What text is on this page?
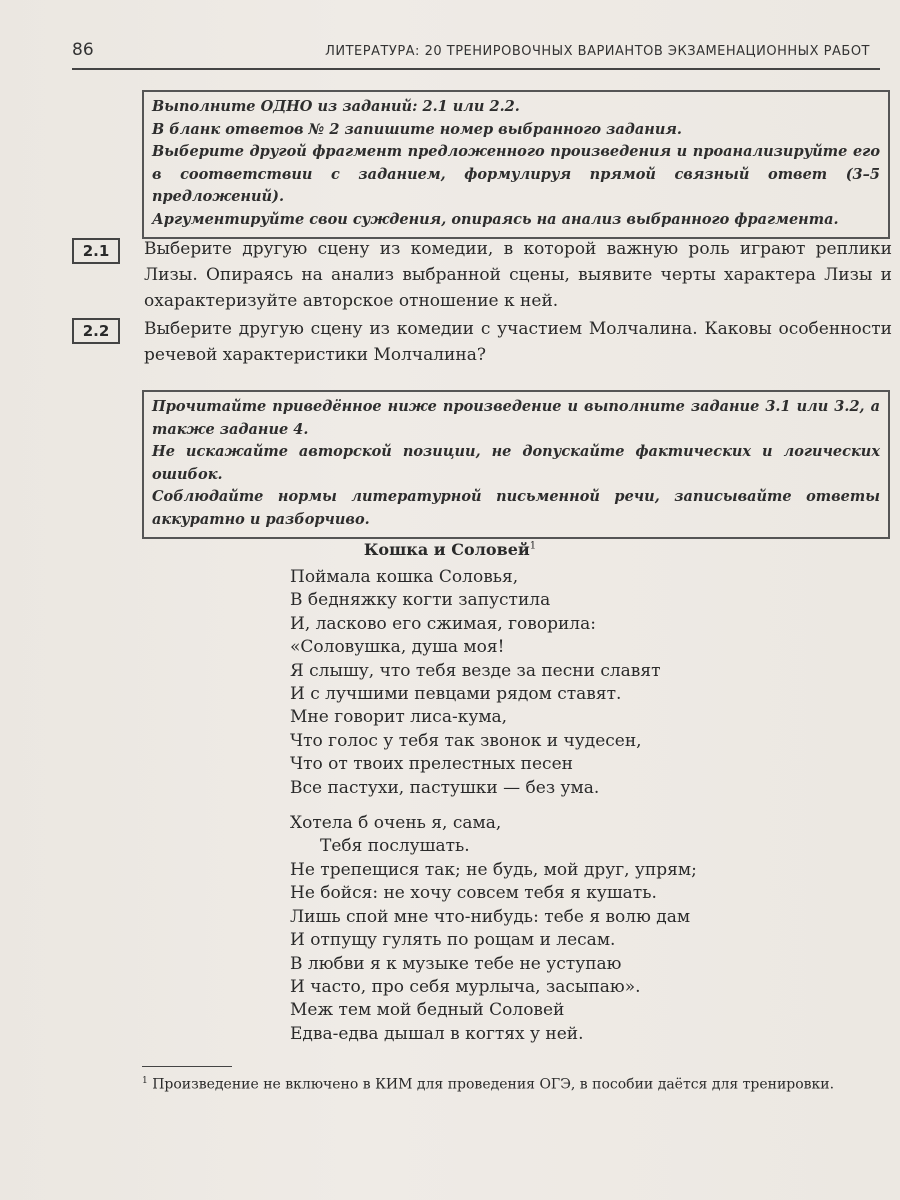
86	ЛИТЕРАТУРА: 20 ТРЕНИРОВОЧНЫХ ВАРИАНТОВ ЭКЗАМЕНАЦИОННЫХ РАБОТ

Выполните ОДНО из заданий: 2.1 или 2.2.

В бланк ответов № 2 запишите номер выбранного задания.

Выберите другой фрагмент предложенного произведения и проанализируйте его в соответствии с заданием, формулируя прямой связный ответ (3–5 предложений).

Аргументируйте свои суждения, опираясь на анализ выбранного фрагмента.

2.1	Выберите другую сцену из комедии, в которой важную роль играют реплики Лизы. Опираясь на анализ выбранной сцены, выявите черты характера Лизы и охарактеризуйте авторское отношение к ней.
2.2	Выберите другую сцену из комедии с участием Молчалина. Каковы особенности речевой характеристики Молчалина?

Прочитайте приведённое ниже произведение и выполните задание 3.1 или 3.2, а также задание 4.

Не искажайте авторской позиции, не допускайте фактических и логических ошибок.

Соблюдайте нормы литературной письменной речи, записывайте ответы аккуратно и разборчиво.

Кошка и Соловей$^1$
Поймала кошка Соловья,
В бедняжку когти запустила
И, ласково его сжимая, говорила:
«Соловушка, душа моя!
Я слышу, что тебя везде за песни славят
И с лучшими певцами рядом ставят.
Мне говорит лиса-кума,
Что голос у тебя так звонок и чудесен,
Что от твоих прелестных песен
Все пастухи, пастушки — без ума.
Хотела б очень я, сама,
Тебя послушать.
Не трепещися так; не будь, мой друг, упрям;
Не бойся: не хочу совсем тебя я кушать.
Лишь спой мне что-нибудь: тебе я волю дам
И отпущу гулять по рощам и лесам.
В любви я к музыке тебе не уступаю
И часто, про себя мурлыча, засыпаю».
Меж тем мой бедный Соловей
Едва-едва дышал в когтях у ней.
$^1$ Произведение не включено в КИМ для проведения ОГЭ, в пособии даётся для тренировки.
